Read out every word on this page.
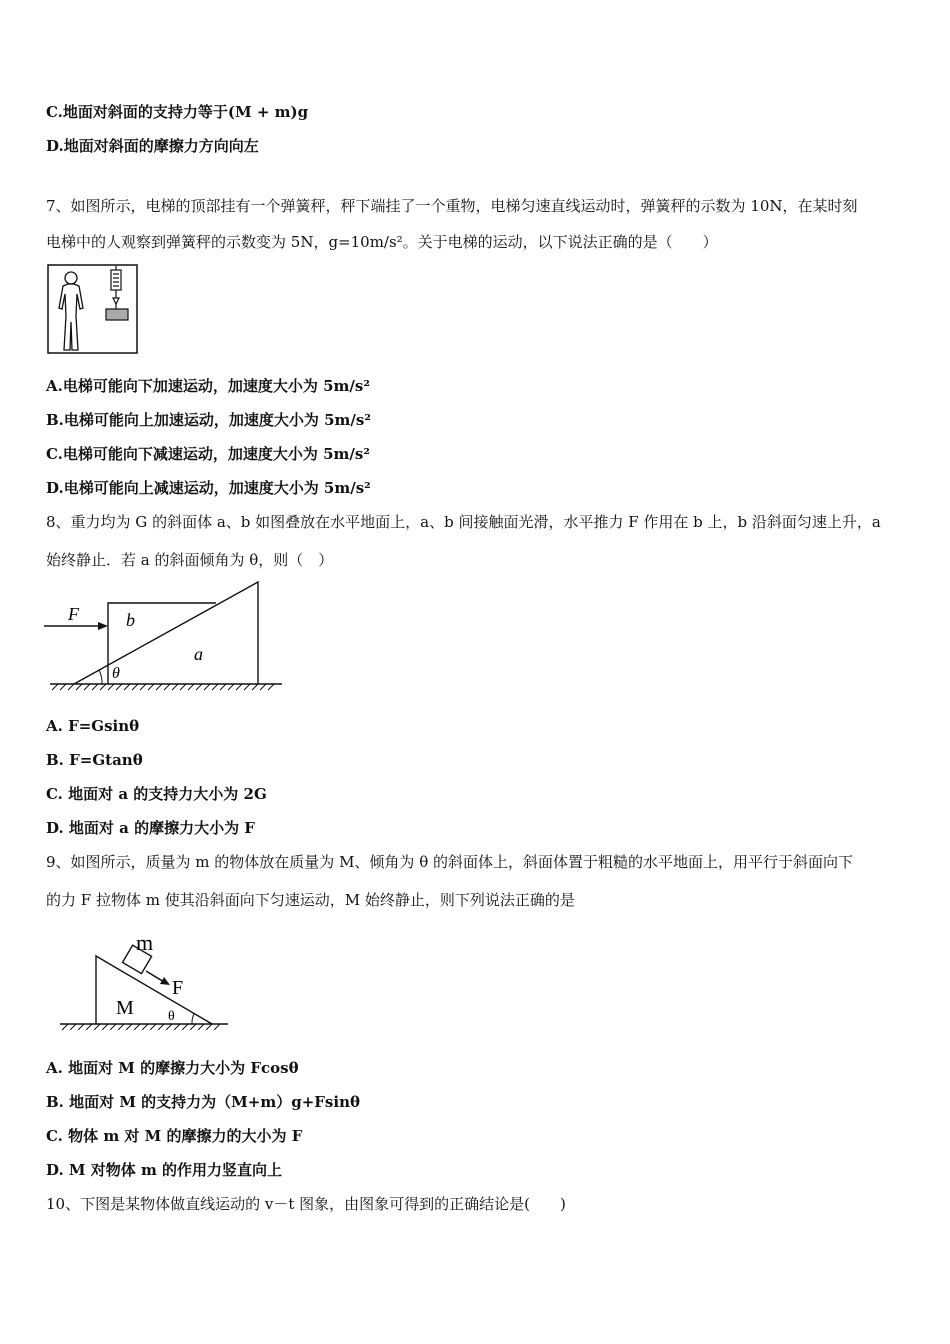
C.地面对斜面的支持力等于(M + m)g
D.地面对斜面的摩擦力方向向左
7、如图所示，电梯的顶部挂有一个弹簧秤，秤下端挂了一个重物，电梯匀速直线运动时，弹簧秤的示数为 10N，在某时刻
电梯中的人观察到弹簧秤的示数变为 5N，g=10m/s²。关于电梯的运动，以下说法正确的是（　　）
A.电梯可能向下加速运动，加速度大小为 5m/s²
B.电梯可能向上加速运动，加速度大小为 5m/s²
C.电梯可能向下减速运动，加速度大小为 5m/s²
D.电梯可能向上减速运动，加速度大小为 5m/s²
8、重力均为 G 的斜面体 a、b 如图叠放在水平地面上，a、b 间接触面光滑，水平推力 F 作用在 b 上，b 沿斜面匀速上升，a
始终静止．若 a 的斜面倾角为 θ，则（　）
F	b
a
θ
A. F=Gsinθ
B. F=Gtanθ
C. 地面对 a 的支持力大小为 2G
D. 地面对 a 的摩擦力大小为 F
9、如图所示，质量为 m 的物体放在质量为 M、倾角为 θ 的斜面体上，斜面体置于粗糙的水平地面上，用平行于斜面向下
的力 F 拉物体 m 使其沿斜面向下匀速运动，M 始终静止，则下列说法正确的是
m
F
M θ
A. 地面对 M 的摩擦力大小为 Fcosθ
B. 地面对 M 的支持力为（M+m）g+Fsinθ
C. 物体 m 对 M 的摩擦力的大小为 F
D. M 对物体 m 的作用力竖直向上
10、下图是某物体做直线运动的 v－t 图象，由图象可得到的正确结论是(　　)
